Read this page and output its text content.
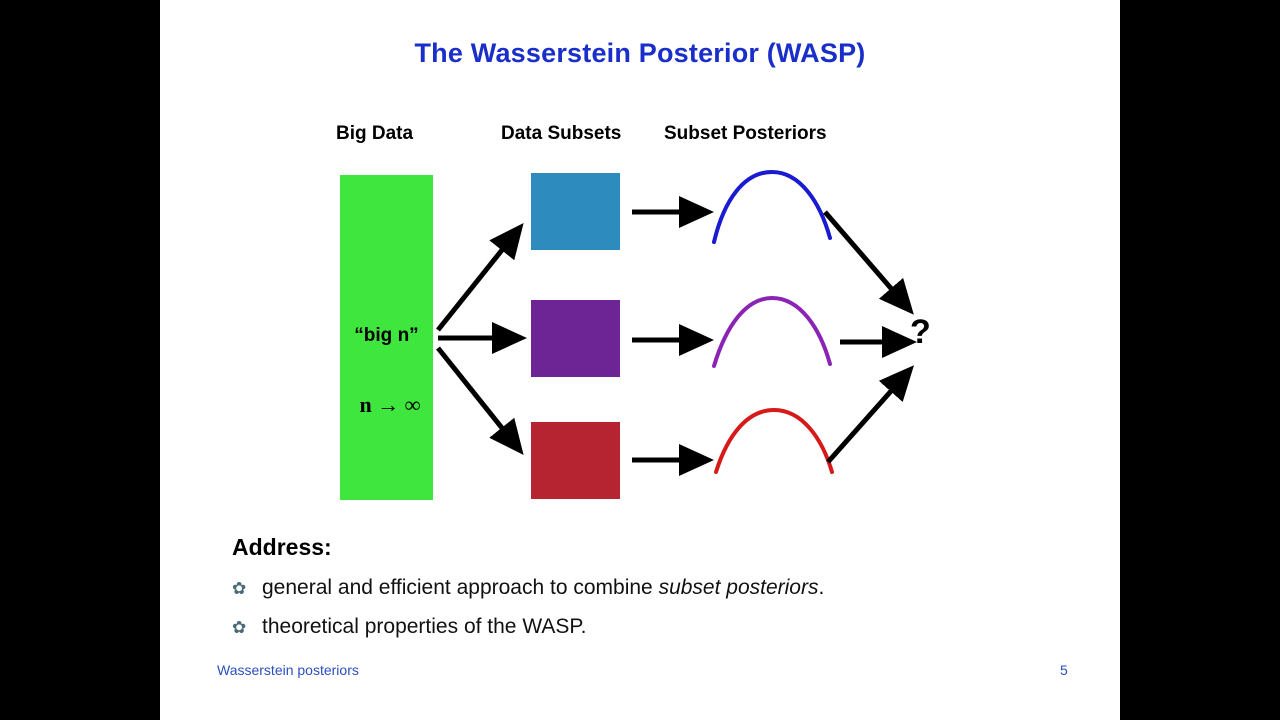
The Wasserstein Posterior (WASP)
Big Data	Data Subsets Subset Posteriors
“big n”
n → ∞
?
Address:
✿ general and efficient approach to combine subset posteriors.
✿ theoretical properties of the WASP.
Wasserstein posteriors	5
